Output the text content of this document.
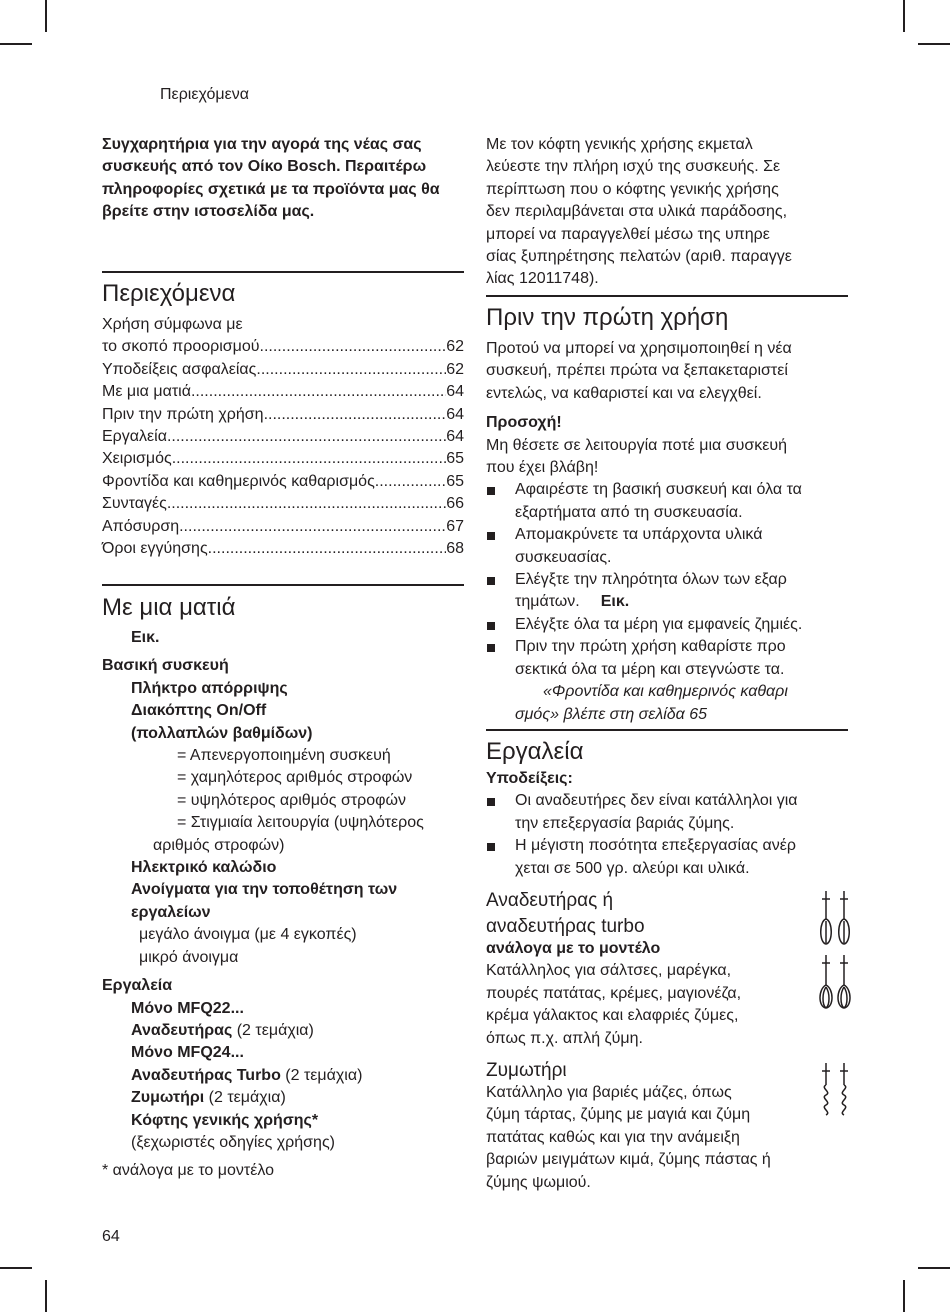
Περιεχόμενα
Συγχαρητήρια για την αγορά της νέας σας συσκευής από τον Οίκο Bosch. Περαιτέρω πληροφορίες σχετικά με τα προϊόντα μας θα βρείτε στην ιστοσελίδα μας.
Περιεχόμενα
Χρήση σύμφωνα με
το σκοπό προορισμού .....	62
Υποδείξεις ασφαλείας .....	62
Με μια ματιά .....	64
Πριν την πρώτη χρήση .....	64
Εργαλεία .....	64
Χειρισμός .....	65
Φροντίδα και καθημερινός καθαρισμός .....	65
Συνταγές .....	66
Απόσυρση .....	67
Όροι εγγύησης .....	68
Με μια ματιά
Εικ.
Βασική συσκευή
Πλήκτρο απόρριψης
Διακόπτης On/Off
(πολλαπλών βαθμίδων)
= Απενεργοποιημένη συσκευή
= χαμηλότερος αριθμός στροφών
= υψηλότερος αριθμός στροφών
= Στιγμιαία λειτουργία (υψηλότερος
αριθμός στροφών)
Ηλεκτρικό καλώδιο
Ανοίγματα για την τοποθέτηση των
εργαλείων
μεγάλο άνοιγμα (με 4 εγκοπές)
μικρό άνοιγμα
Εργαλεία
Μόνο MFQ22...
Αναδευτήρας (2 τεμάχια)
Μόνο MFQ24...
Αναδευτήρας Turbo (2 τεμάχια)
Ζυμωτήρι (2 τεμάχια)
Κόφτης γενικής χρήσης*
(ξεχωριστές οδηγίες χρήσης)
* ανάλογα με το μοντέλο
Με τον κόφτη γενικής χρήσης εκμεταλ
λεύεστε την πλήρη ισχύ της συσκευής. Σε
περίπτωση που ο κόφτης γενικής χρήσης
δεν περιλαμβάνεται στα υλικά παράδοσης,
μπορεί να παραγγελθεί μέσω της υπηρε
σίας ξυπηρέτησης πελατών (αριθ. παραγγε
λίας 12011748).
Πριν την πρώτη χρήση
Προτού να μπορεί να χρησιμοποιηθεί η νέα
συσκευή, πρέπει πρώτα να ξεπακεταριστεί
εντελώς, να καθαριστεί και να ελεγχθεί.
Προσοχή!
Μη θέσετε σε λειτουργία ποτέ μια συσκευή
που έχει βλάβη!
Αφαιρέστε τη βασική συσκευή και όλα τα
εξαρτήματα από τη συσκευασία.
Απομακρύνετε τα υπάρχοντα υλικά
συσκευασίας.
Ελέγξτε την πληρότητα όλων των εξαρ
τημάτων. Εικ.
Ελέγξτε όλα τα μέρη για εμφανείς ζημιές.
Πριν την πρώτη χρήση καθαρίστε προ
σεκτικά όλα τα μέρη και στεγνώστε τα.
«Φροντίδα και καθημερινός καθαρι
σμός» βλέπε στη σελίδα 65
Εργαλεία
Υποδείξεις:
Οι αναδευτήρες δεν είναι κατάλληλοι για
την επεξεργασία βαριάς ζύμης.
Η μέγιστη ποσότητα επεξεργασίας ανέρ
χεται σε 500 γρ. αλεύρι και υλικά.
Αναδευτήρας ή
αναδευτήρας turbo
ανάλογα με το μοντέλο
Κατάλληλος για σάλτσες, μαρέγκα,
πουρές πατάτας, κρέμες, μαγιονέζα,
κρέμα γάλακτος και ελαφριές ζύμες,
όπως π.χ. απλή ζύμη.
Ζυμωτήρι
Κατάλληλο για βαριές μάζες, όπως
ζύμη τάρτας, ζύμης με μαγιά και ζύμη
πατάτας καθώς και για την ανάμειξη
βαριών μειγμάτων κιμά, ζύμης πάστας ή
ζύμης ψωμιού.
64
